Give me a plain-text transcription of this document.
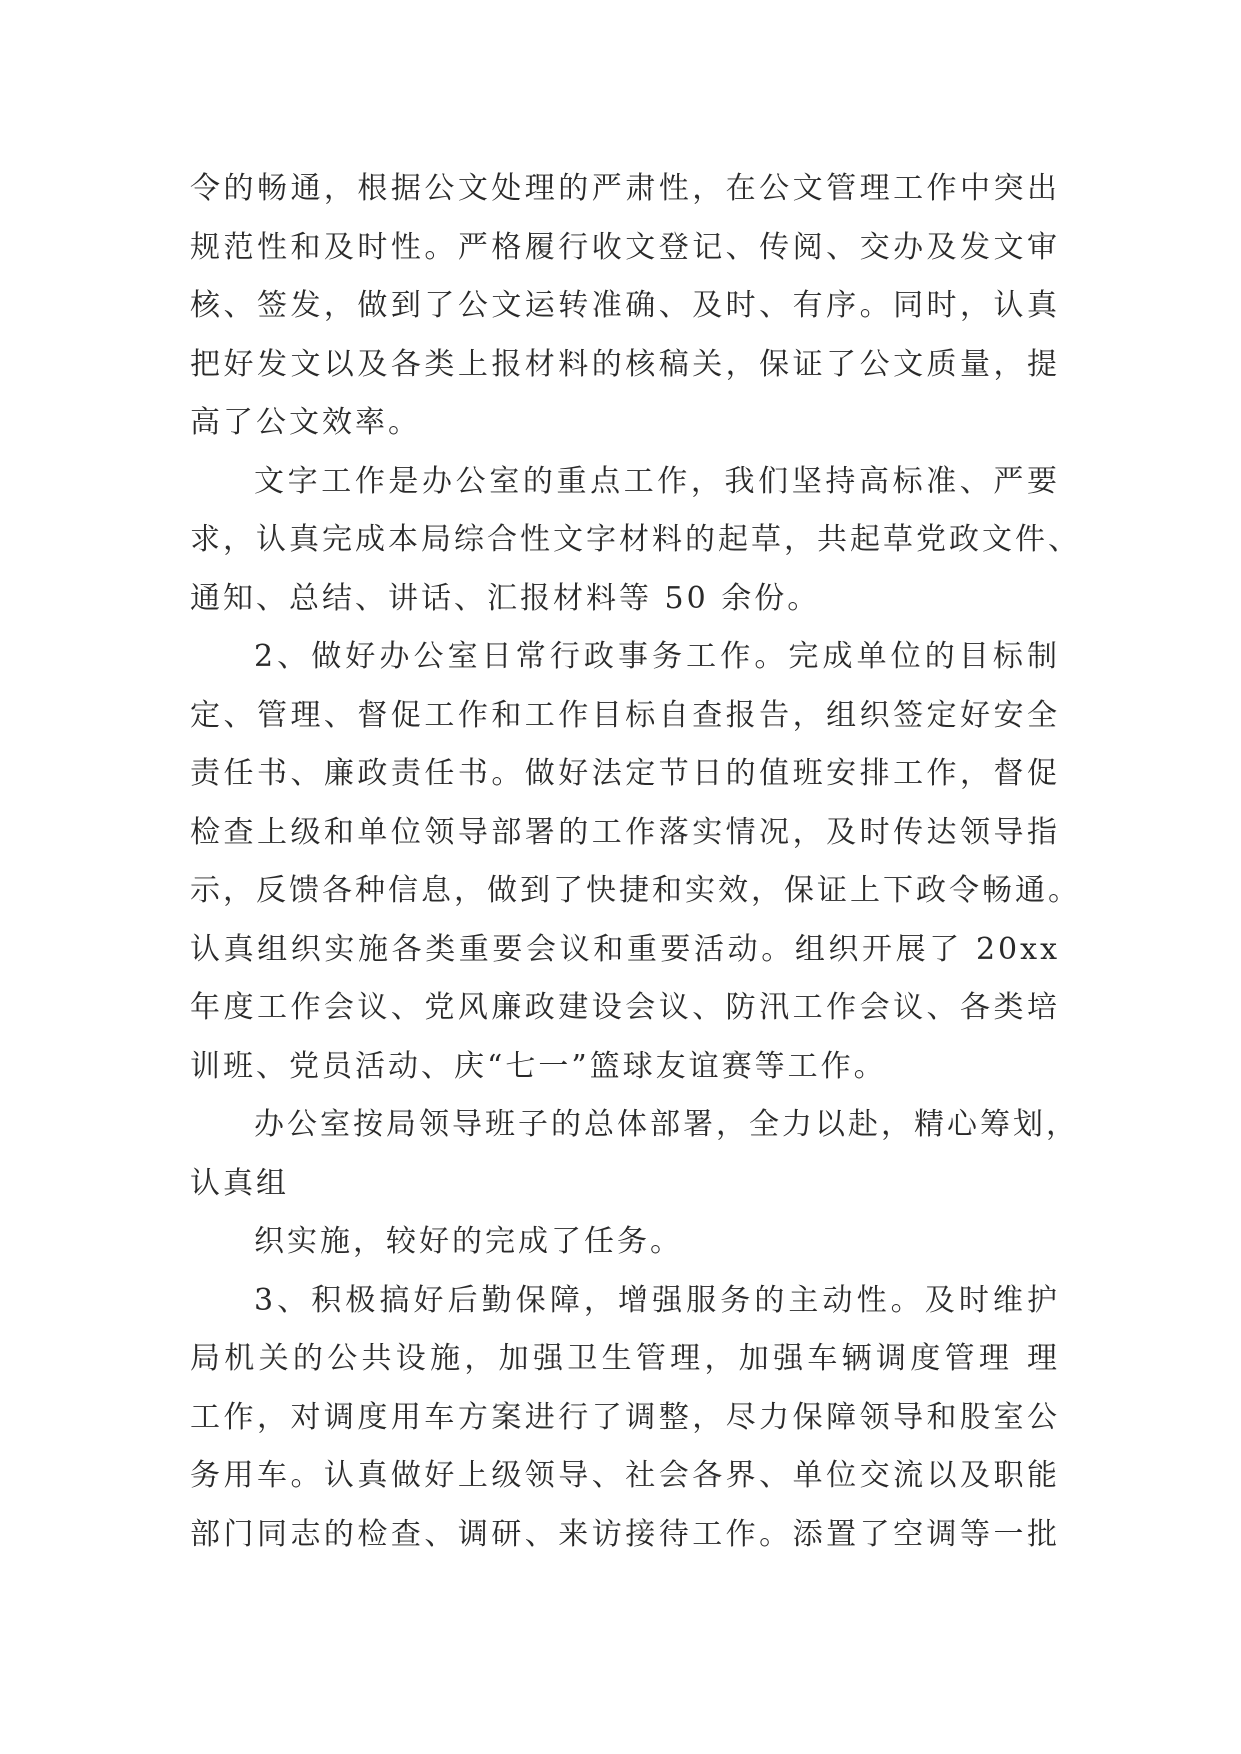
令的畅通，根据公文处理的严肃性，在公文管理工作中突出
规范性和及时性。严格履行收文登记、传阅、交办及发文审
核、签发，做到了公文运转准确、及时、有序。同时，认真
把好发文以及各类上报材料的核稿关，保证了公文质量，提
高了公文效率。
文字工作是办公室的重点工作，我们坚持高标准、严要
求，认真完成本局综合性文字材料的起草，共起草党政文件、
通知、总结、讲话、汇报材料等 50 余份。
2、做好办公室日常行政事务工作。完成单位的目标制
定、管理、督促工作和工作目标自查报告，组织签定好安全
责任书、廉政责任书。做好法定节日的值班安排工作，督促
检查上级和单位领导部署的工作落实情况，及时传达领导指
示，反馈各种信息，做到了快捷和实效，保证上下政令畅通。
认真组织实施各类重要会议和重要活动。组织开展了 20xx
年度工作会议、党风廉政建设会议、防汛工作会议、各类培
训班、党员活动、庆“七一”篮球友谊赛等工作。
办公室按局领导班子的总体部署，全力以赴，精心筹划，
认真组
织实施，较好的完成了任务。
3、积极搞好后勤保障，增强服务的主动性。及时维护
局机关的公共设施，加强卫生管理，加强车辆调度管理 理
工作，对调度用车方案进行了调整，尽力保障领导和股室公
务用车。认真做好上级领导、社会各界、单位交流以及职能
部门同志的检查、调研、来访接待工作。添置了空调等一批
